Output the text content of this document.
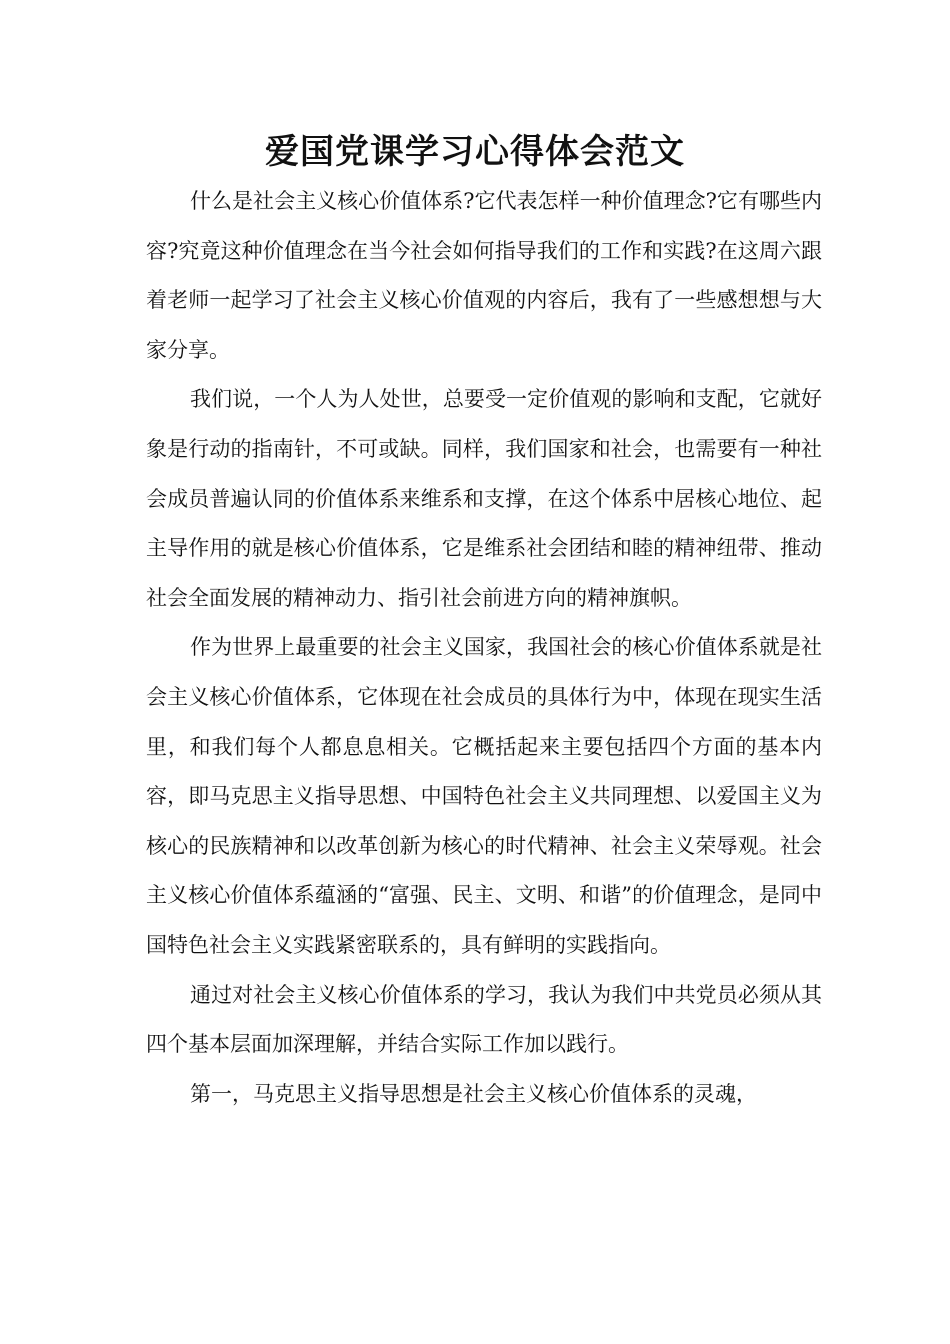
爱国党课学习心得体会范文

什么是社会主义核心价值体系?它代表怎样一种价值理念?它有哪些内容?究竟这种价值理念在当今社会如何指导我们的工作和实践?在这周六跟着老师一起学习了社会主义核心价值观的内容后，我有了一些感想想与大家分享。

我们说，一个人为人处世，总要受一定价值观的影响和支配，它就好象是行动的指南针，不可或缺。同样，我们国家和社会，也需要有一种社会成员普遍认同的价值体系来维系和支撑，在这个体系中居核心地位、起主导作用的就是核心价值体系，它是维系社会团结和睦的精神纽带、推动社会全面发展的精神动力、指引社会前进方向的精神旗帜。

作为世界上最重要的社会主义国家，我国社会的核心价值体系就是社会主义核心价值体系，它体现在社会成员的具体行为中，体现在现实生活里，和我们每个人都息息相关。它概括起来主要包括四个方面的基本内容，即马克思主义指导思想、中国特色社会主义共同理想、以爱国主义为核心的民族精神和以改革创新为核心的时代精神、社会主义荣辱观。社会主义核心价值体系蕴涵的“富强、民主、文明、和谐”的价值理念，是同中国特色社会主义实践紧密联系的，具有鲜明的实践指向。

通过对社会主义核心价值体系的学习，我认为我们中共党员必须从其四个基本层面加深理解，并结合实际工作加以践行。

第一，马克思主义指导思想是社会主义核心价值体系的灵魂，
